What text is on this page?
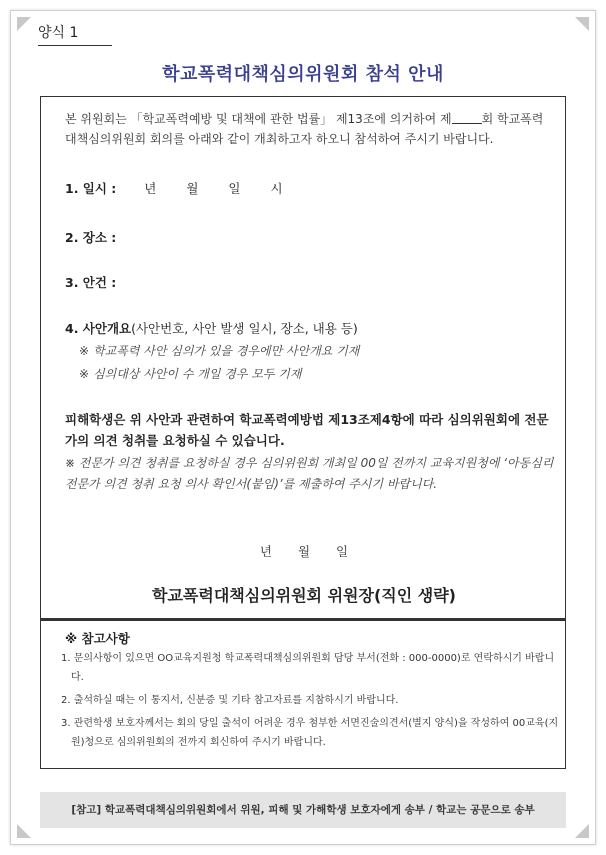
양식 1
학교폭력대책심의위원회 참석 안내
본 위원회는 「학교폭력예방 및 대책에 관한 법률」 제13조에 의거하여 제	회 학교폭력대책심의위원회 회의를 아래와 같이 개최하고자 하오니 참석하여 주시기 바랍니다.
1. 일시 : 년 월 일 시
2. 장소 :
3. 안건 :
4. 사안개요(사안번호, 사안 발생 일시, 장소, 내용 등)
※ 학교폭력 사안 심의가 있을 경우에만 사안개요 기재
※ 심의대상 사안이 수 개일 경우 모두 기재
피해학생은 위 사안과 관련하여 학교폭력예방법 제13조제4항에 따라 심의위원회에 전문가의 의견 청취를 요청하실 수 있습니다.
※ 전문가 의견 청취를 요청하실 경우 심의위원회 개최일 00일 전까지 교육지원청에 ‘아동심리 전문가 의견 청취 요청 의사 확인서(붙임)’를 제출하여 주시기 바랍니다.
년 월 일
학교폭력대책심의위원회 위원장(직인 생략)
※ 참고사항
1. 문의사항이 있으면 OO교육지원청 학교폭력대책심의위원회 담당 부서(전화 : 000-0000)로 연락하시기 바랍니다.
2. 출석하실 때는 이 통지서, 신분증 및 기타 참고자료를 지참하시기 바랍니다.
3. 관련학생 보호자께서는 회의 당일 출석이 어려운 경우 첨부한 서면진술의견서(별지 양식)을 작성하여 00교육(지원)청으로 심의위원회의 전까지 회신하여 주시기 바랍니다.
[참고] 학교폭력대책심의위원회에서 위원, 피해 및 가해학생 보호자에게 송부 / 학교는 공문으로 송부
